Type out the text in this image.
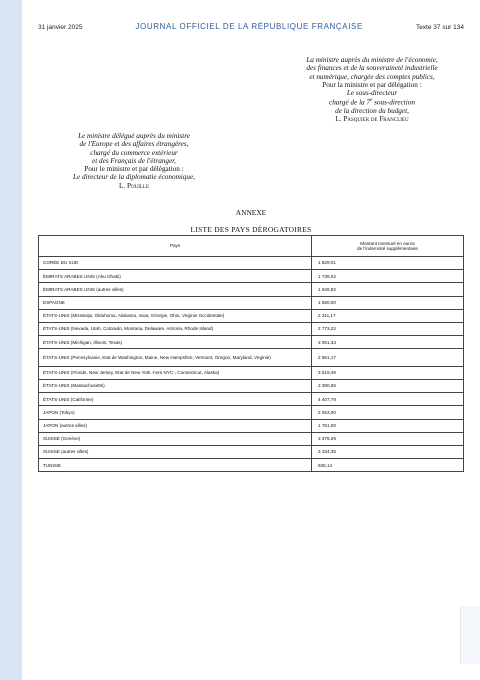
31 janvier 2025	JOURNAL OFFICIEL DE LA RÉPUBLIQUE FRANÇAISE	Texte 37 sur 134
La ministre auprès du ministre de l'économie,
des finances et de la souveraineté industrielle
et numérique, chargée des comptes publics,
Pour la ministre et par délégation :
Le sous-directeur
chargé de la 7e sous-direction
de la direction du budget,
L. Pasquier de Franclieu
Le ministre délégué auprès du ministre
de l'Europe et des affaires étrangères,
chargé du commerce extérieur
et des Français de l'étranger,
Pour le ministre et par délégation :
Le directeur de la diplomatie économique,
L. Pouille
ANNEXE
LISTE DES PAYS DÉROGATOIRES
Pays	Montant mensuel en euros
de l'indemnité supplémentaire

CORÉE DU SUD	1 829,01
ÉMIRATS ARABES UNIS (Abu Dhabi)	1 739,02
ÉMIRATS ARABES UNIS (autres villes)	1 949,92
ESPAGNE	1 680,00
ÉTATS-UNIS (Mississipi, Oklahoma, Alabama, Iowa, Géorgie, Ohio, Virginie Occidentale)	2 311,17
ÉTATS-UNIS (Nevada, Utah, Colorado, Montana, Delaware, Arizona, Rhode Island)	2 773,22
ÉTATS-UNIS (Michigan, Illinois, Texas)	3 061,33
ÉTATS-UNIS (Pennsylvanie, Etat de Washington, Maine, New Hampshire, Vermont, Oregon, Maryland, Virginie)	2 961,17
ÉTATS-UNIS (Floride, New Jersey, Etat de New York -hors NYC-, Connecticut, Alaska)	3 519,49
ÉTATS-UNIS (Massachusetts)	3 390,65
ÉTATS-UNIS (Californie)	4 407,78
JAPON (Tokyo)	2 053,00
JAPON (autres villes)	1 751,00
SUISSE (Genève)	3 376,29
SUISSE (autres villes)	3 334,35
TUNISIE	935,14
